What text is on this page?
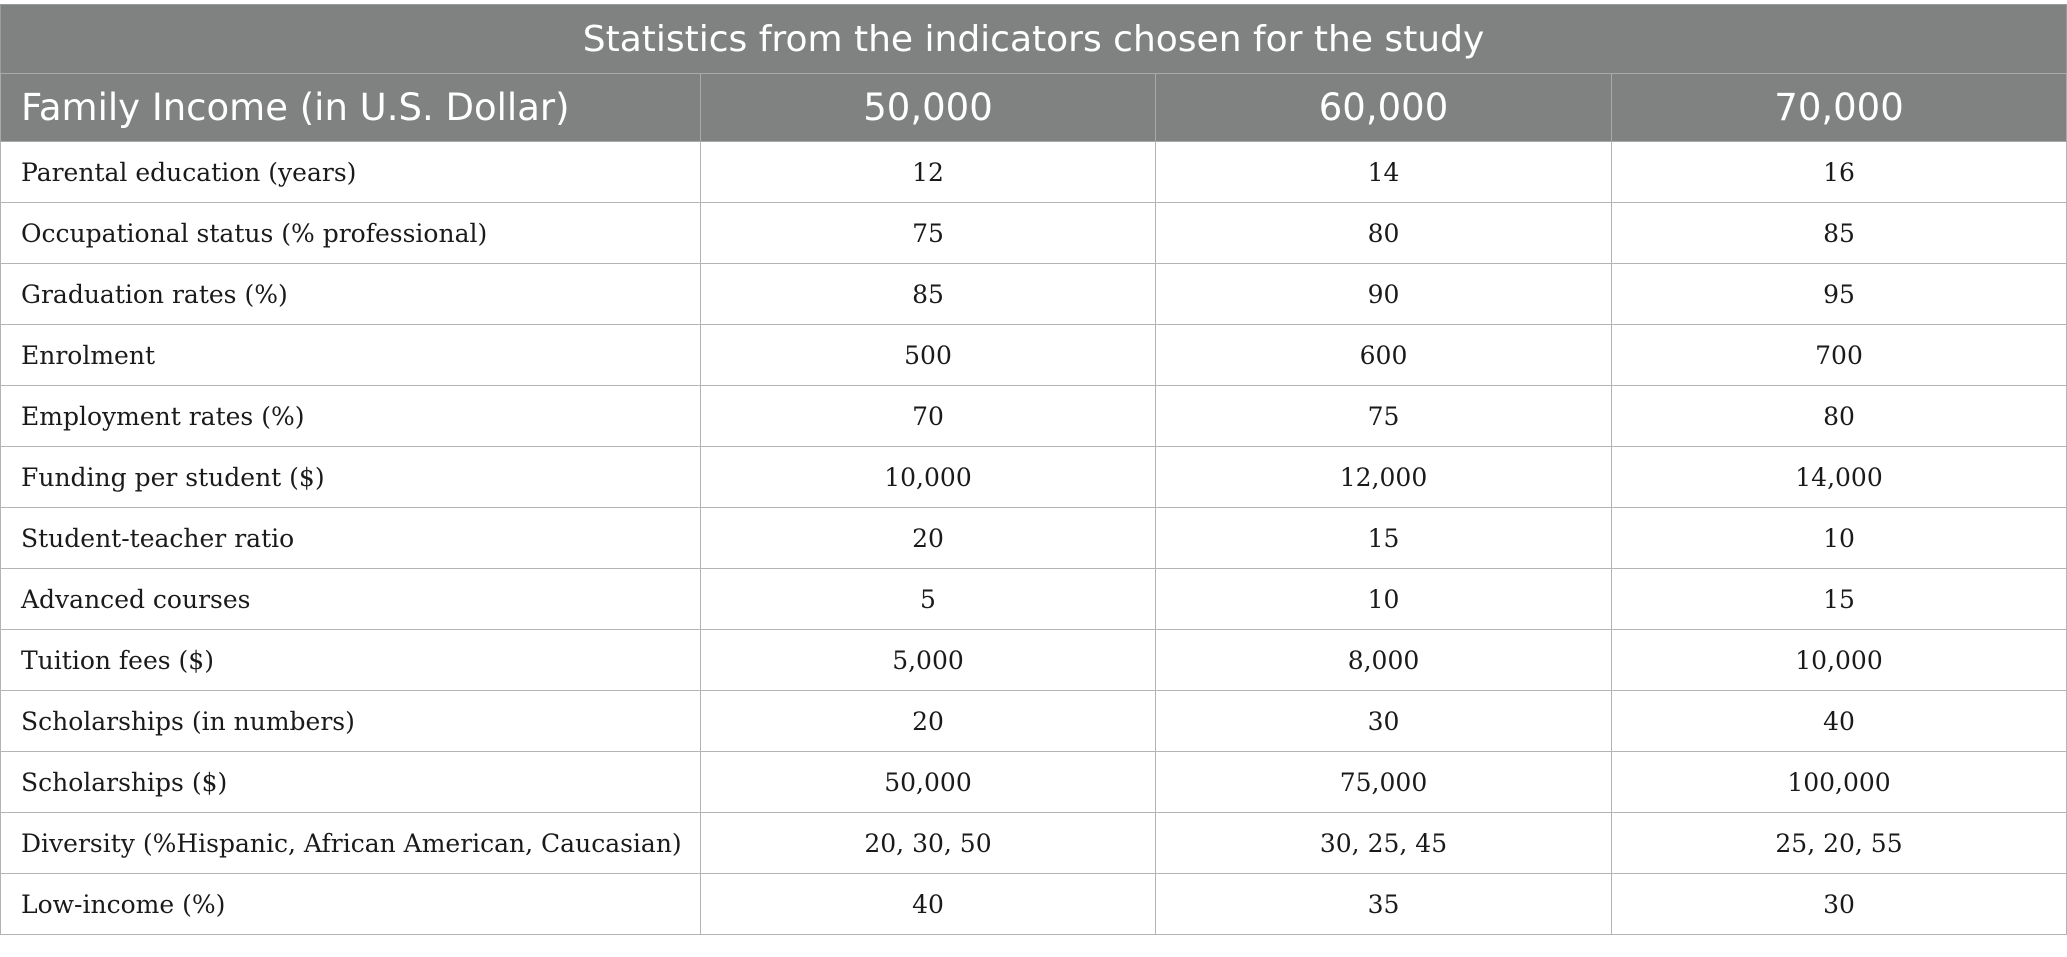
Statistics from the indicators chosen for the study			
Family Income (in U.S. Dollar)	50,000	60,000	70,000
Parental education (years)	12	14	16
Occupational status (% professional)	75	80	85
Graduation rates (%)	85	90	95
Enrolment	500	600	700
Employment rates (%)	70	75	80
Funding per student ($)	10,000	12,000	14,000
Student-teacher ratio	20	15	10
Advanced courses	5	10	15
Tuition fees ($)	5,000	8,000	10,000
Scholarships (in numbers)	20	30	40
Scholarships ($)	50,000	75,000	100,000
Diversity (%Hispanic, African American, Caucasian)	20, 30, 50	30, 25, 45	25, 20, 55
Low-income (%)	40	35	30
